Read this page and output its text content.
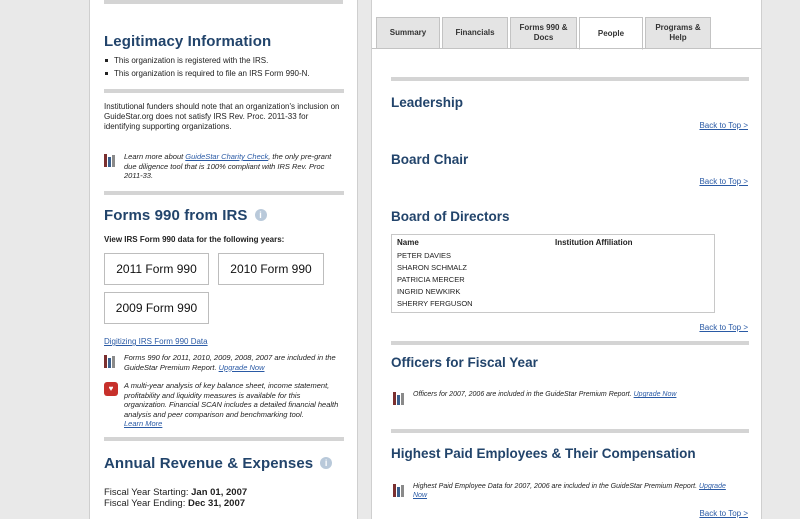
Legitimacy Information
This organization is registered with the IRS.
This organization is required to file an IRS Form 990-N.
Institutional funders should note that an organization's inclusion on GuideStar.org does not satisfy IRS Rev. Proc. 2011-33 for identifying supporting organizations.
Learn more about GuideStar Charity Check, the only pre-grant due diligence tool that is 100% compliant with IRS Rev. Proc 2011-33.
Forms 990 from IRS i
View IRS Form 990 data for the following years:
2011 Form 990	2010 Form 990
2009 Form 990
Digitizing IRS Form 990 Data
Forms 990 for 2011, 2010, 2009, 2008, 2007 are included in the GuideStar Premium Report. Upgrade Now
♥	A multi-year analysis of key balance sheet, income statement, profitability and liquidity measures is available for this organization. Financial SCAN includes a detailed financial health analysis and peer comparison and benchmarking tool.
Learn More
Annual Revenue & Expenses i
Fiscal Year Starting: Jan 01, 2007
Fiscal Year Ending: Dec 31, 2007
Summary	Financials
Forms 990 & Docs	People
Programs & Help
Leadership
Back to Top >
Board Chair
Back to Top >
Board of Directors
Name	Institution Affiliation
PETER DAVIES
SHARON SCHMALZ
PATRICIA MERCER
INGRID NEWKIRK
SHERRY FERGUSON
Back to Top >
Officers for Fiscal Year
Officers for 2007, 2006 are included in the GuideStar Premium Report. Upgrade Now
Highest Paid Employees & Their Compensation
Highest Paid Employee Data for 2007, 2006 are included in the GuideStar Premium Report. Upgrade Now
Back to Top >
